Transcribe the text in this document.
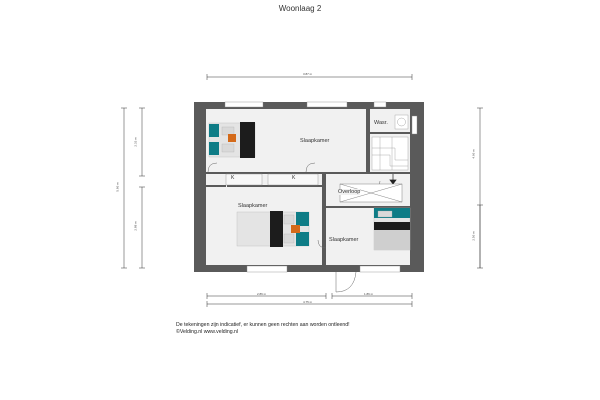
Woonlaag 2
Slaapkamer
Slaapkamer
Slaapkamer
Overloop
Wasr.
K	K
3.87 m
2.86 m	1.86 m
4.75 m
5.86 m
2.33 m
2.88 m
4.66 m
2.56 m
De tekeningen zijn indicatief, er kunnen geen rechten aan worden ontleend!
©Velding.nl www.velding.nl
